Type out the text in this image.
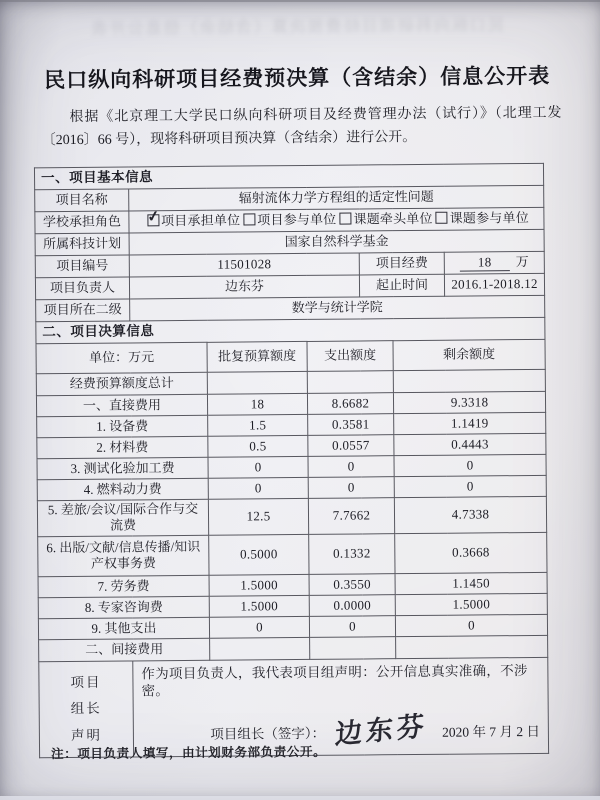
民口纵向科研项目经费预决算（含结余）信息公开表
民口纵向科研项目经费预决算（含结余）信息公开表
根据《北京理工大学民口纵向科研项目及经费管理办法（试行）》（北理工发〔2016〕66 号），现将科研项目预决算（含结余）进行公开。
一、项目基本信息						
项目名称	辐射流体力学方程组的适定性问题					
学校承担角色	✓项目承担单位 项目参与单位 课题牵头单位 课题参与单位
所属科技计划	国家自然科学基金					
项目编号	11501028			项目经费		18 万
项目负责人	边东芬			起止时间		2016.1-2018.12
项目所在二级	数学与统计学院					
二、项目决算信息						
单位：万元		批复预算额度	支出额度		剩余额度	
经费预算额度总计						
一、直接费用		18	8.6682		9.3318	
1. 设备费		1.5	0.3581		1.1419	
2. 材料费		0.5	0.0557		0.4443	
3. 测试化验加工费		0	0		0	
4. 燃料动力费		0	0		0	
5. 差旅/会议/国际合作与交流费		12.5	7.7662		4.7338	
6. 出版/文献/信息传播/知识产权事务费		0.5000	0.1332		0.3668	
7. 劳务费		1.5000	0.3550		1.1450	
8. 专家咨询费		1.5000	0.0000		1.5000	
9. 其他支出		0	0		0	
二、间接费用						

项目
组长
声明

作为项目负责人，我代表项目组声明：公开信息真实准确，不涉密。
项目组长（签字）： 边东芬 2020 年 7 月 2 日
注：项目负责人填写，由计划财务部负责公开。
